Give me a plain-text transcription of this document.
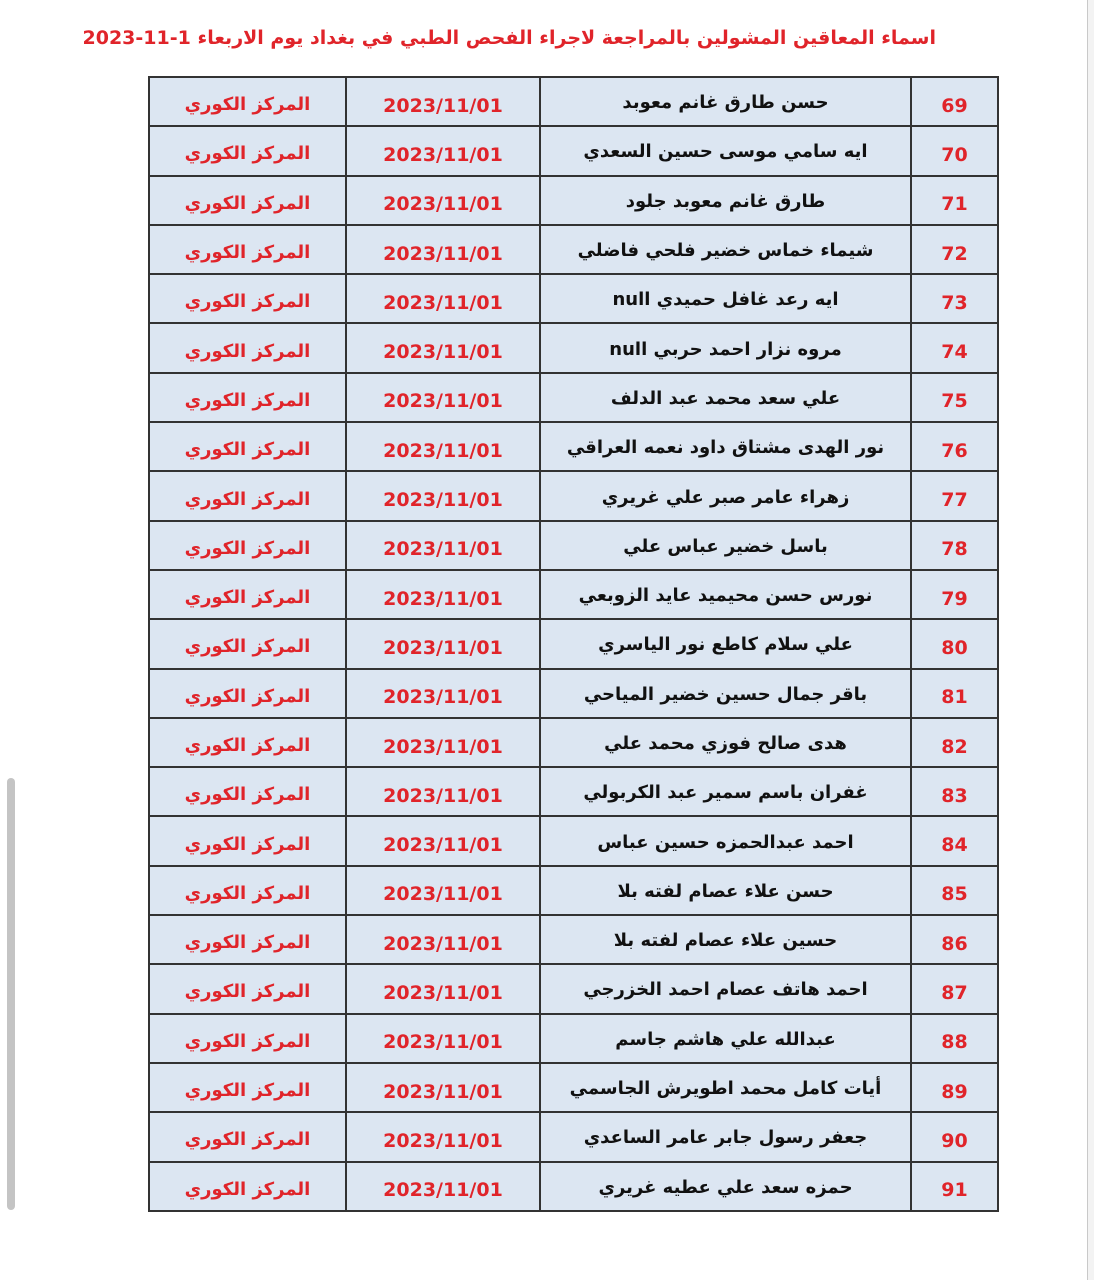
اسماء المعاقين المشولين بالمراجعة لاجراء الفحص الطبي في بغداد يوم الاربعاء 1-11-2023
المركز الكوري	2023/11/01	حسن طارق غانم معوبد	69
المركز الكوري	2023/11/01	ايه سامي موسى حسين السعدي	70
المركز الكوري	2023/11/01	طارق غانم معوبد جلود	71
المركز الكوري	2023/11/01	شيماء خماس خضير فلحي فاضلي	72
المركز الكوري	2023/11/01	ايه رعد غافل حميدي null	73
المركز الكوري	2023/11/01	مروه نزار احمد حربي null	74
المركز الكوري	2023/11/01	علي سعد محمد عبد الدلف	75
المركز الكوري	2023/11/01	نور الهدى مشتاق داود نعمه العراقي	76
المركز الكوري	2023/11/01	زهراء عامر صبر علي غريري	77
المركز الكوري	2023/11/01	باسل خضير عباس علي	78
المركز الكوري	2023/11/01	نورس حسن محيميد عايد الزوبعي	79
المركز الكوري	2023/11/01	علي سلام كاطع نور الياسري	80
المركز الكوري	2023/11/01	باقر جمال حسين خضير المياحي	81
المركز الكوري	2023/11/01	هدى صالح فوزي محمد علي	82
المركز الكوري	2023/11/01	غفران باسم سمير عبد الكربولي	83
المركز الكوري	2023/11/01	احمد عبدالحمزه حسين عباس	84
المركز الكوري	2023/11/01	حسن علاء عصام لفته بلا	85
المركز الكوري	2023/11/01	حسين علاء عصام لفته بلا	86
المركز الكوري	2023/11/01	احمد هاتف عصام احمد الخزرجي	87
المركز الكوري	2023/11/01	عبدالله علي هاشم جاسم	88
المركز الكوري	2023/11/01	أيات كامل محمد اطويرش الجاسمي	89
المركز الكوري	2023/11/01	جعفر رسول جابر عامر الساعدي	90
المركز الكوري	2023/11/01	حمزه سعد علي عطيه غريري	91
